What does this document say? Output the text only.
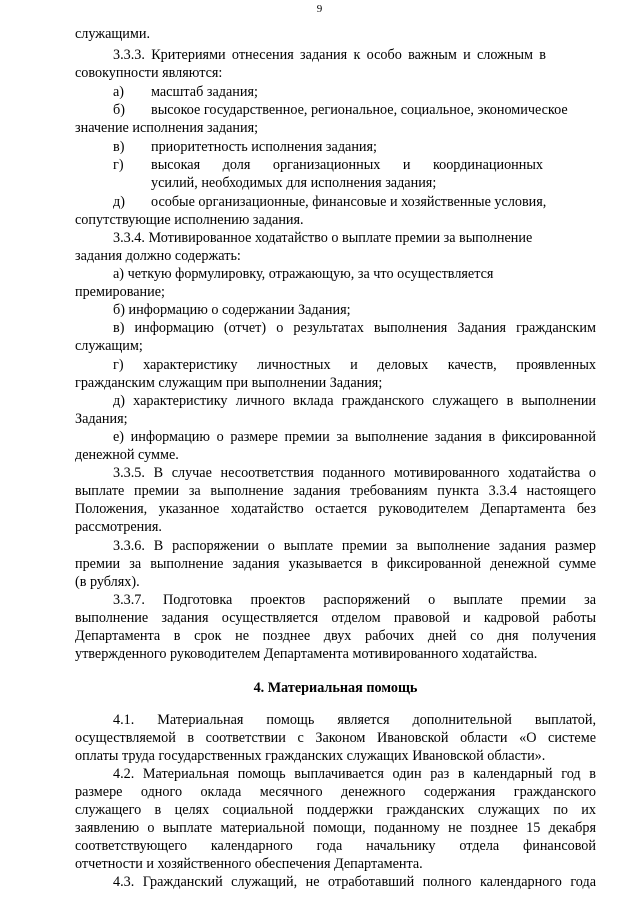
9

служащими.

3.3.3. Критериями отнесения задания к особо важным и сложным в

совокупности являются:

а) масштаб задания;
б) высокое государственное, региональное, социальное, экономическое

значение исполнения задания;

в) приоритетность исполнения задания;
г) высокая доля организационных и координационных

усилий, необходимых для исполнения задания;

д) особые организационные, финансовые и хозяйственные условия,

сопутствующие исполнению задания.

3.3.4. Мотивированное ходатайство о выплате премии за выполнение

задания должно содержать:

а) четкую формулировку, отражающую, за что осуществляется

премирование;

б) информацию о содержании Задания;

в) информацию (отчет) о результатах выполнения Задания гражданским

служащим;

г) характеристику личностных и деловых качеств, проявленных

гражданским служащим при выполнении Задания;

д) характеристику личного вклада гражданского служащего в выполнении

Задания;

е) информацию о размере премии за выполнение задания в фиксированной

денежной сумме.

3.3.5. В случае несоответствия поданного мотивированного ходатайства о

выплате премии за выполнение задания требованиям пункта 3.3.4 настоящего

Положения, указанное ходатайство остается руководителем Департамента без

рассмотрения.

3.3.6. В распоряжении о выплате премии за выполнение задания размер

премии за выполнение задания указывается в фиксированной денежной сумме

(в рублях).

3.3.7. Подготовка проектов распоряжений о выплате премии за

выполнение задания осуществляется отделом правовой и кадровой работы

Департамента в срок не позднее двух рабочих дней со дня получения

утвержденного руководителем Департамента мотивированного ходатайства.

4. Материальная помощь

4.1. Материальная помощь является дополнительной выплатой,

осуществляемой в соответствии с Законом Ивановской области «О системе

оплаты труда государственных гражданских служащих Ивановской области».

4.2. Материальная помощь выплачивается один раз в календарный год в

размере одного оклада месячного денежного содержания гражданского

служащего в целях социальной поддержки гражданских служащих по их

заявлению о выплате материальной помощи, поданному не позднее 15 декабря

соответствующего календарного года начальнику отдела финансовой

отчетности и хозяйственного обеспечения Департамента.

4.3. Гражданский служащий, не отработавший полного календарного года
